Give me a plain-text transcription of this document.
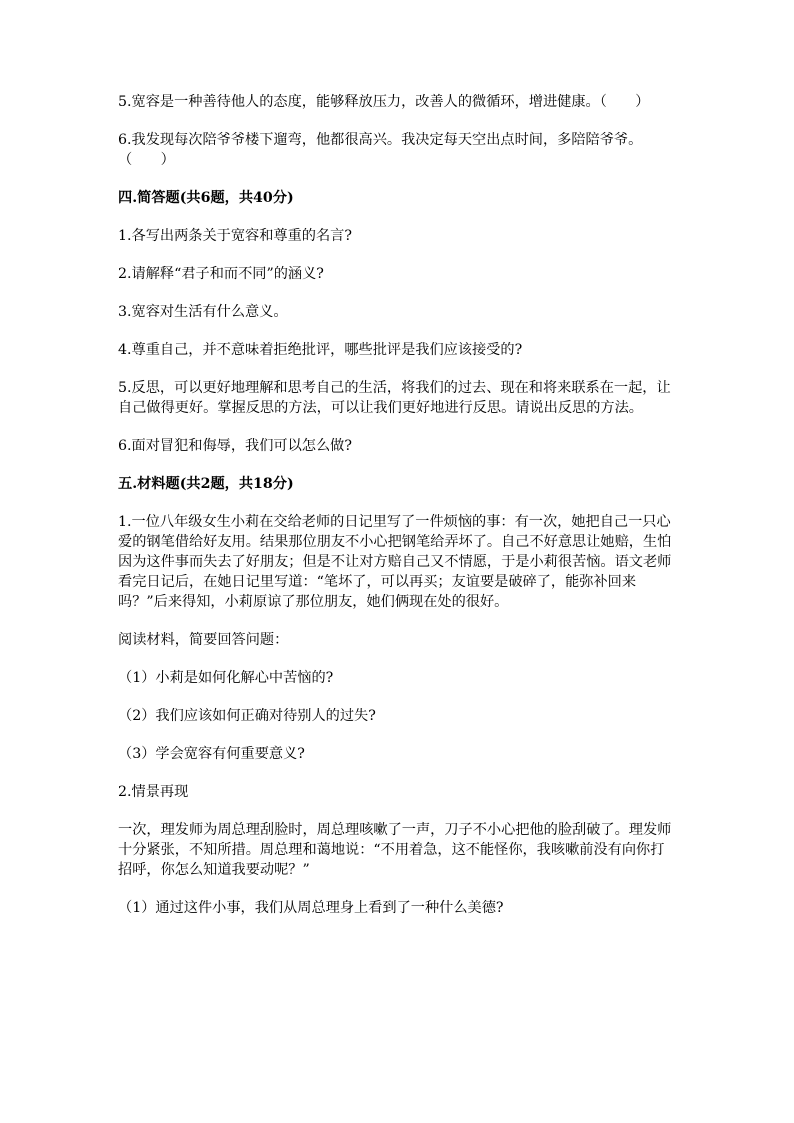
5.宽容是一种善待他人的态度，能够释放压力，改善人的微循环，增进健康。（　　）

6.我发现每次陪爷爷楼下遛弯，他都很高兴。我决定每天空出点时间，多陪陪爷爷。（　　）

四.简答题(共6题，共40分)

1.各写出两条关于宽容和尊重的名言?

2.请解释“君子和而不同”的涵义?

3.宽容对生活有什么意义。

4.尊重自己，并不意味着拒绝批评，哪些批评是我们应该接受的?

5.反思，可以更好地理解和思考自己的生活，将我们的过去、现在和将来联系在一起，让自己做得更好。掌握反思的方法，可以让我们更好地进行反思。请说出反思的方法。

6.面对冒犯和侮辱，我们可以怎么做?

五.材料题(共2题，共18分)

1.一位八年级女生小莉在交给老师的日记里写了一件烦恼的事：有一次，她把自己一只心爱的钢笔借给好友用。结果那位朋友不小心把钢笔给弄坏了。自己不好意思让她赔，生怕因为这件事而失去了好朋友；但是不让对方赔自己又不情愿，于是小莉很苦恼。语文老师看完日记后，在她日记里写道：“笔坏了，可以再买；友谊要是破碎了，能弥补回来吗？”后来得知，小莉原谅了那位朋友，她们俩现在处的很好。

阅读材料，简要回答问题：

（1）小莉是如何化解心中苦恼的?

（2）我们应该如何正确对待别人的过失?

（3）学会宽容有何重要意义?

2.情景再现

一次，理发师为周总理刮脸时，周总理咳嗽了一声，刀子不小心把他的脸刮破了。理发师十分紧张，不知所措。周总理和蔼地说：“不用着急，这不能怪你，我咳嗽前没有向你打招呼，你怎么知道我要动呢？”

（1）通过这件小事，我们从周总理身上看到了一种什么美德?
